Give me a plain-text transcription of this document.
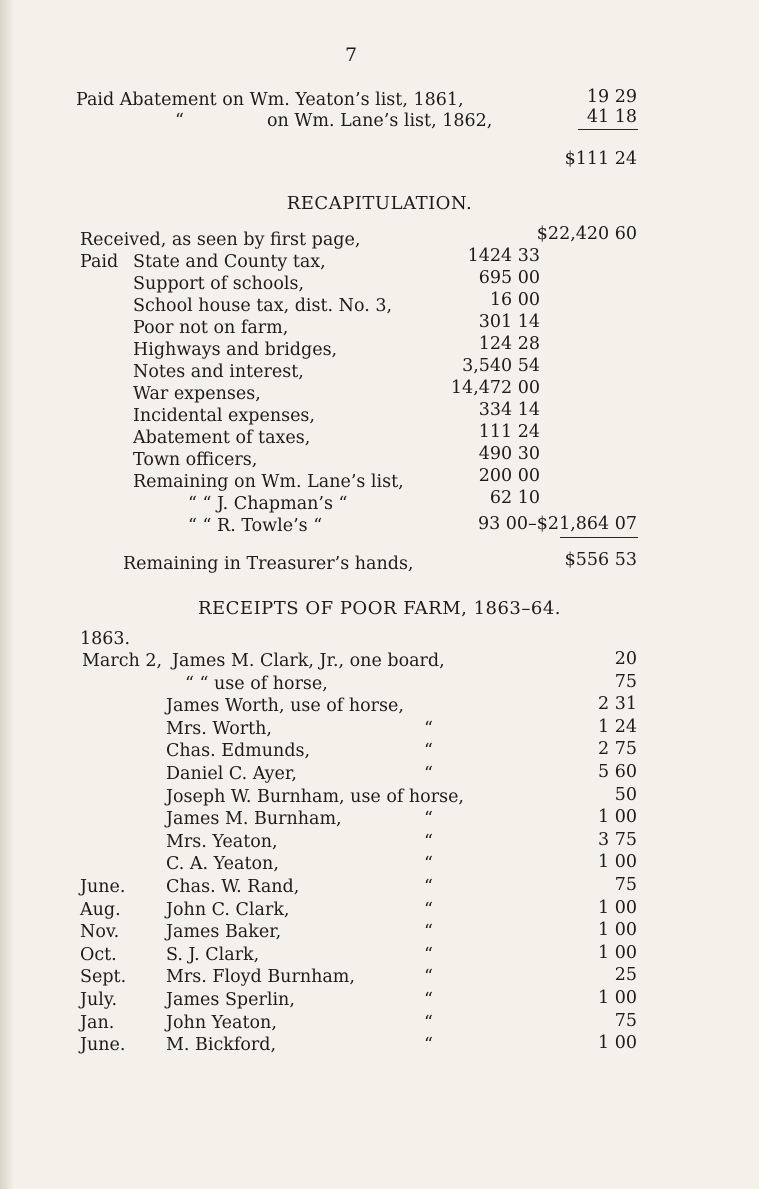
7
Paid Abatement on Wm. Yeaton’s list, 1861,	19 29
“	on Wm. Lane’s list, 1862,	41 18
$111 24
RECAPITULATION.
Received, as seen by first page,	$22,420 60
Paid State and County tax,	1424 33
Support of schools,	695 00
School house tax, dist. No. 3,	16 00
Poor not on farm,	301 14
Highways and bridges,	124 28
Notes and interest,	3,540 54
War expenses,	14,472 00
Incidental expenses,	334 14
Abatement of taxes,	111 24
Town officers,	490 30
Remaining on Wm. Lane’s list,	200 00
“ “ J. Chapman’s “	62 10
“ “ R. Towle’s “	93 00–$21,864 07
Remaining in Treasurer’s hands,	$556 53
RECEIPTS OF POOR FARM, 1863–64.
1863.
March 2, James M. Clark, Jr., one board,	20
“ “ use of horse,	75
James Worth, use of horse,	2 31
Mrs. Worth,	“	1 24
Chas. Edmunds,	“	2 75
Daniel C. Ayer,	“	5 60
Joseph W. Burnham, use of horse,	50
James M. Burnham,	“	1 00
Mrs. Yeaton,	“	3 75
C. A. Yeaton,	“	1 00
June. Chas. W. Rand,	“	75
Aug.	John C. Clark,	“	1 00
Nov.	James Baker,	“	1 00
Oct.	S. J. Clark,	“	1 00
Sept. Mrs. Floyd Burnham,	“	25
July.	James Sperlin,	“	1 00
Jan.	John Yeaton,	“	75
June. M. Bickford,	“	1 00
